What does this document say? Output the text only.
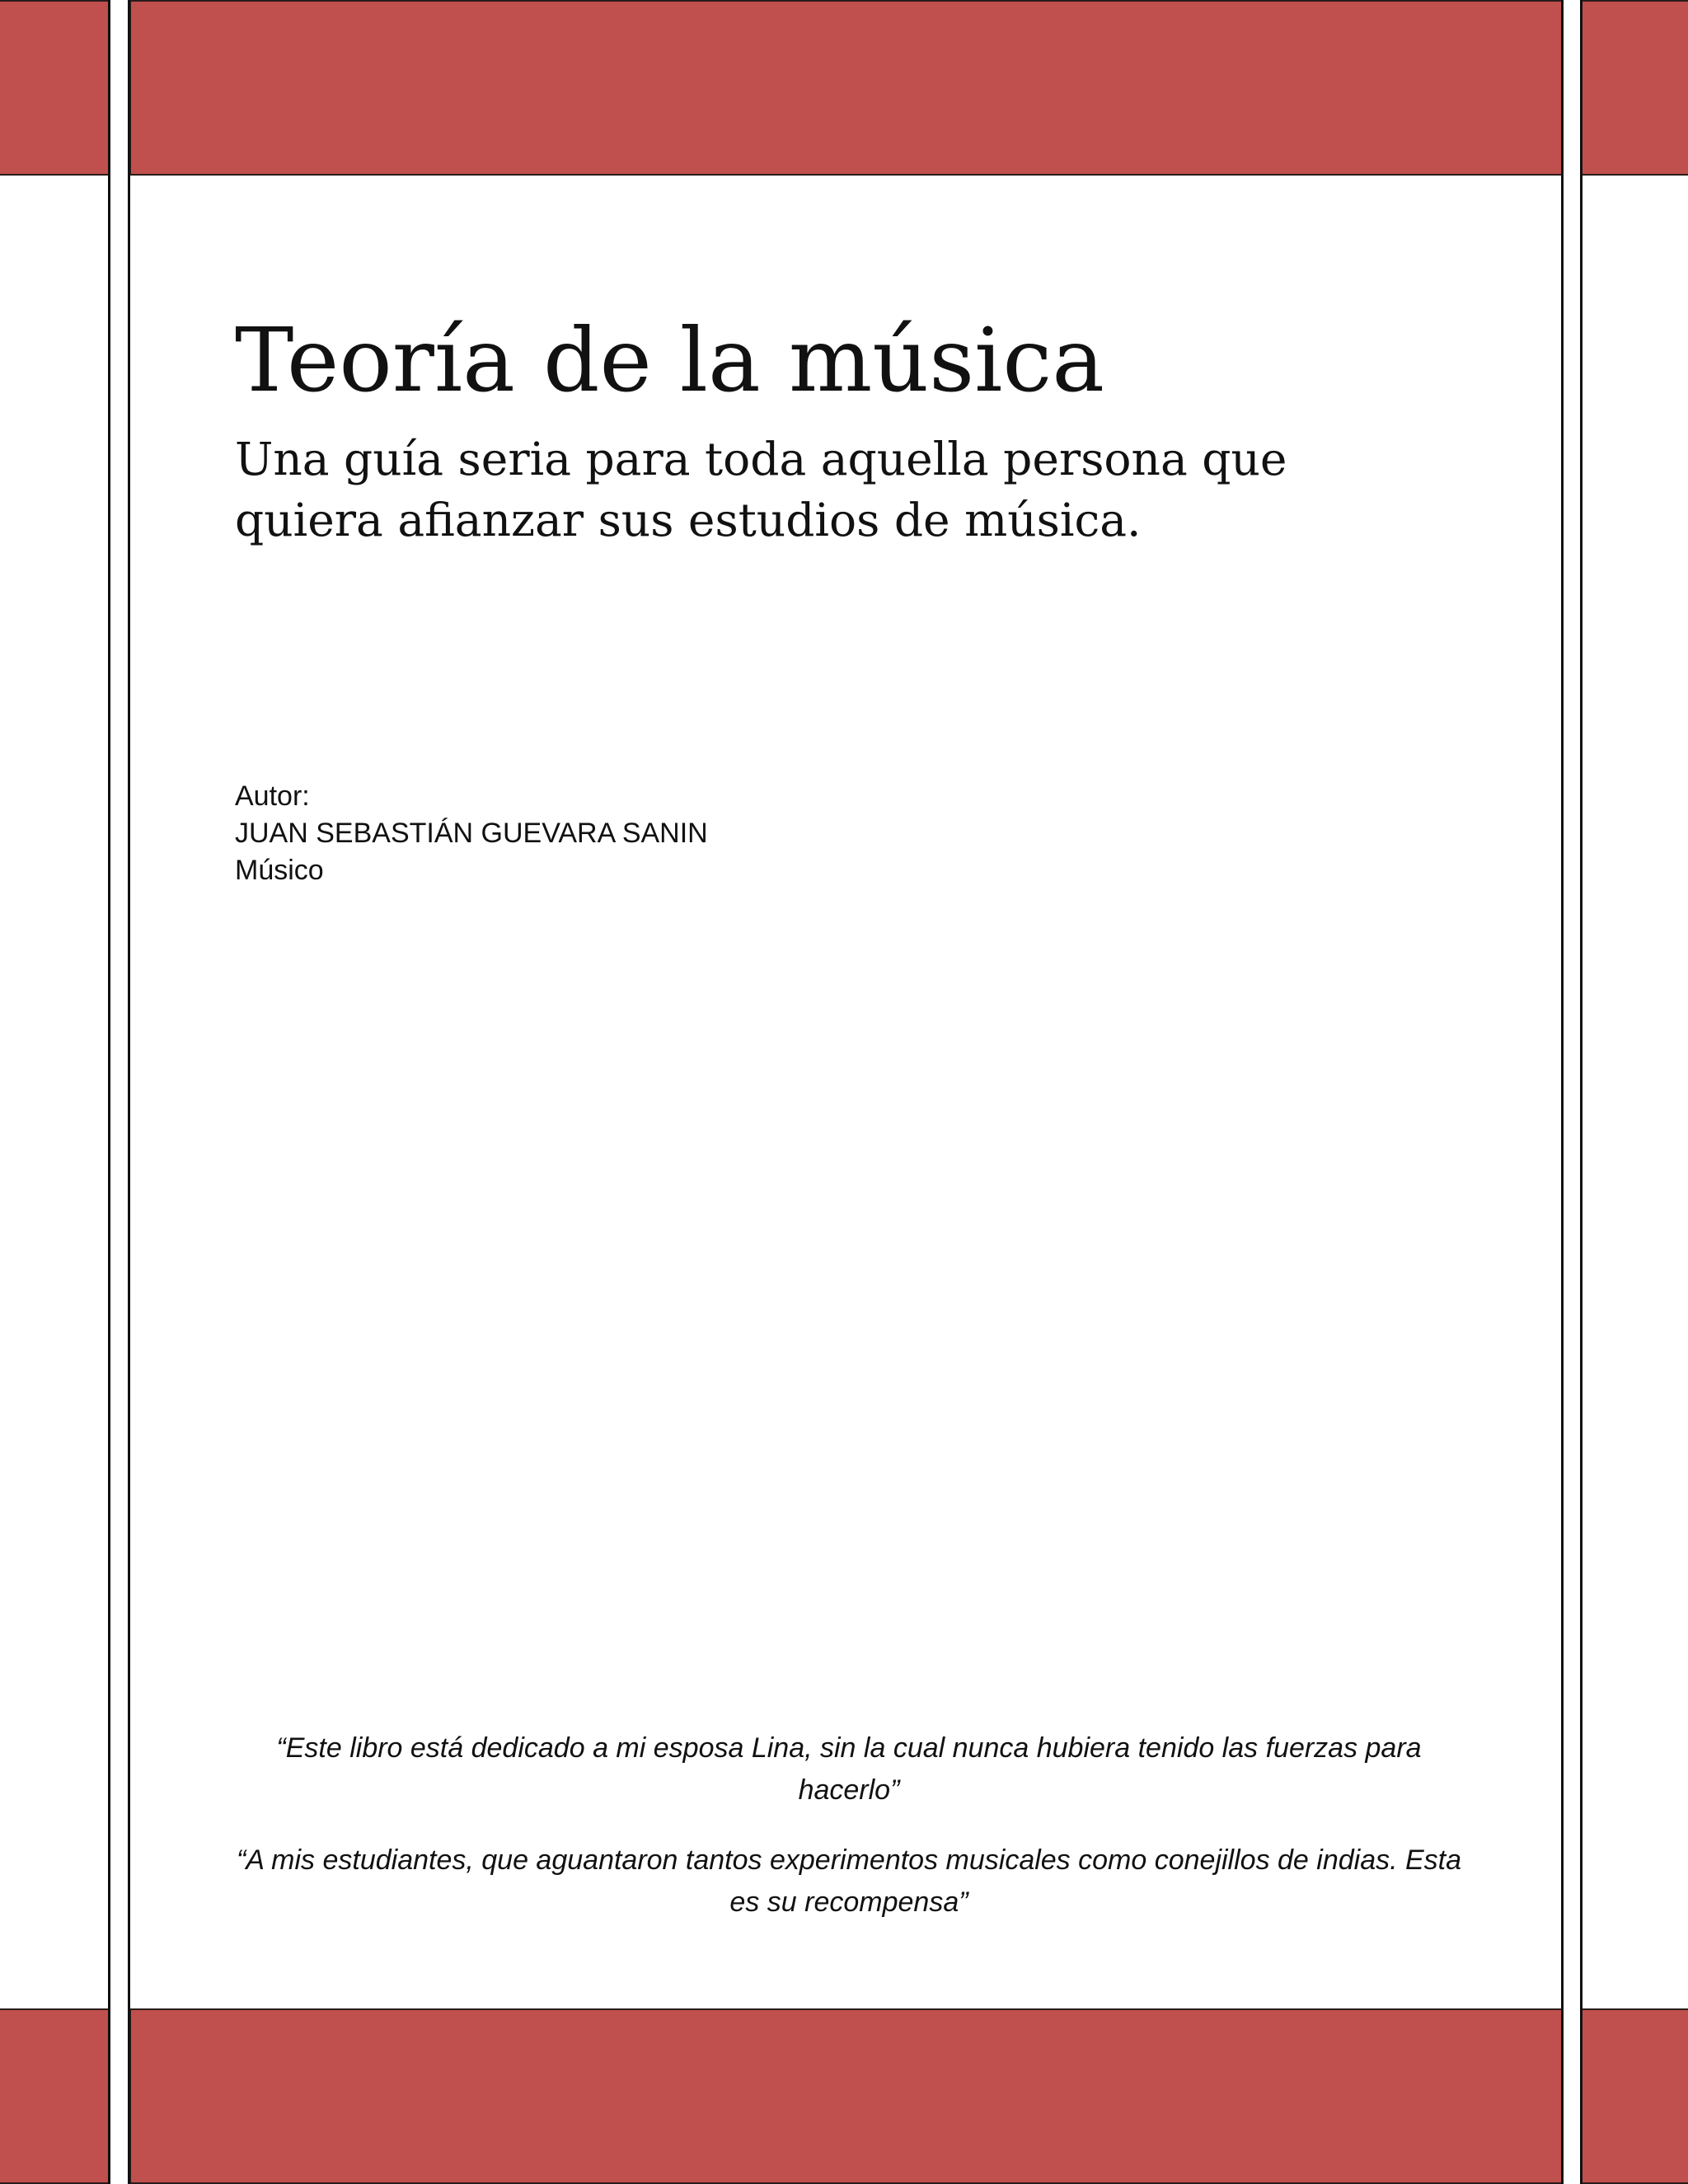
Teoría de la música

Una guía seria para toda aquella persona que quiera afianzar sus estudios de música.

Autor:
JUAN SEBASTIÁN GUEVARA SANIN
Músico

“Este libro está dedicado a mi esposa Lina, sin la cual nunca hubiera tenido las fuerzas para hacerlo”

“A mis estudiantes, que aguantaron tantos experimentos musicales como conejillos de indias. Esta es su recompensa”
